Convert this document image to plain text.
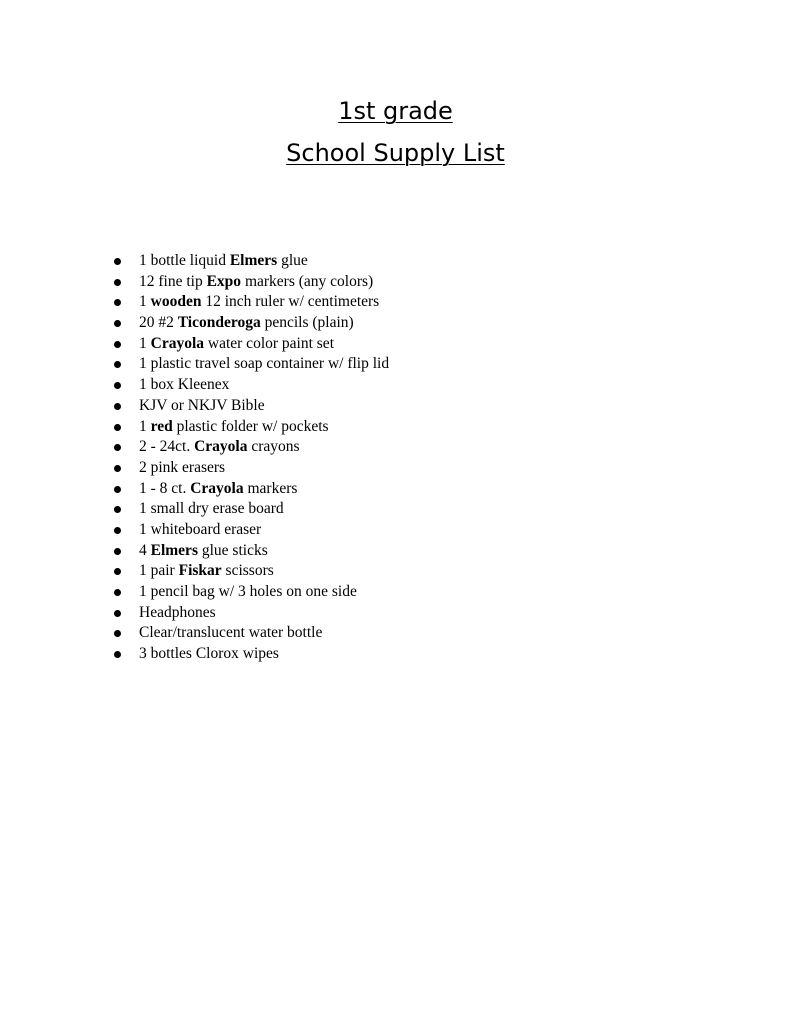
1st grade
School Supply List
1 bottle liquid Elmers glue
12 fine tip Expo markers (any colors)
1 wooden 12 inch ruler w/ centimeters
20 #2 Ticonderoga pencils (plain)
1 Crayola water color paint set
1 plastic travel soap container w/ flip lid
1 box Kleenex
KJV or NKJV Bible
1 red plastic folder w/ pockets
2 - 24ct. Crayola crayons
2 pink erasers
1 - 8 ct. Crayola markers
1 small dry erase board
1 whiteboard eraser
4 Elmers glue sticks
1 pair Fiskar scissors
1 pencil bag w/ 3 holes on one side
Headphones
Clear/translucent water bottle
3 bottles Clorox wipes
